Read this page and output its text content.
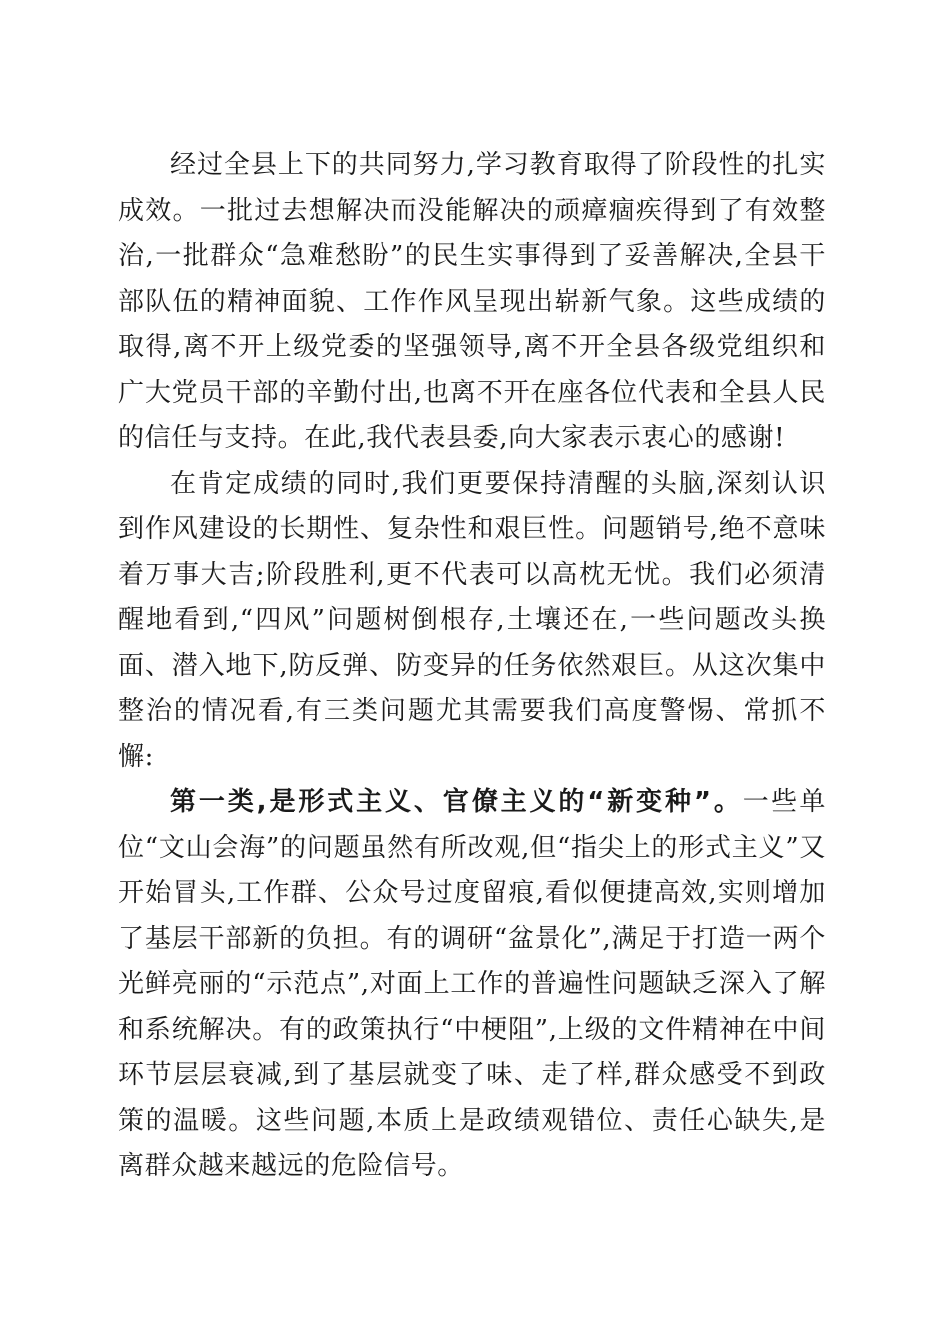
经过全县上下的共同努力,学习教育取得了阶段性的扎实成效。一批过去想解决而没能解决的顽瘴痼疾得到了有效整治,一批群众“急难愁盼”的民生实事得到了妥善解决,全县干部队伍的精神面貌、工作作风呈现出崭新气象。这些成绩的取得,离不开上级党委的坚强领导,离不开全县各级党组织和广大党员干部的辛勤付出,也离不开在座各位代表和全县人民的信任与支持。在此,我代表县委,向大家表示衷心的感谢!

在肯定成绩的同时,我们更要保持清醒的头脑,深刻认识到作风建设的长期性、复杂性和艰巨性。问题销号,绝不意味着万事大吉;阶段胜利,更不代表可以高枕无忧。我们必须清醒地看到,“四风”问题树倒根存,土壤还在,一些问题改头换面、潜入地下,防反弹、防变异的任务依然艰巨。从这次集中整治的情况看,有三类问题尤其需要我们高度警惕、常抓不懈:

第一类,是形式主义、官僚主义的“新变种”。一些单位“文山会海”的问题虽然有所改观,但“指尖上的形式主义”又开始冒头,工作群、公众号过度留痕,看似便捷高效,实则增加了基层干部新的负担。有的调研“盆景化”,满足于打造一两个光鲜亮丽的“示范点”,对面上工作的普遍性问题缺乏深入了解和系统解决。有的政策执行“中梗阻”,上级的文件精神在中间环节层层衰减,到了基层就变了味、走了样,群众感受不到政策的温暖。这些问题,本质上是政绩观错位、责任心缺失,是离群众越来越远的危险信号。
